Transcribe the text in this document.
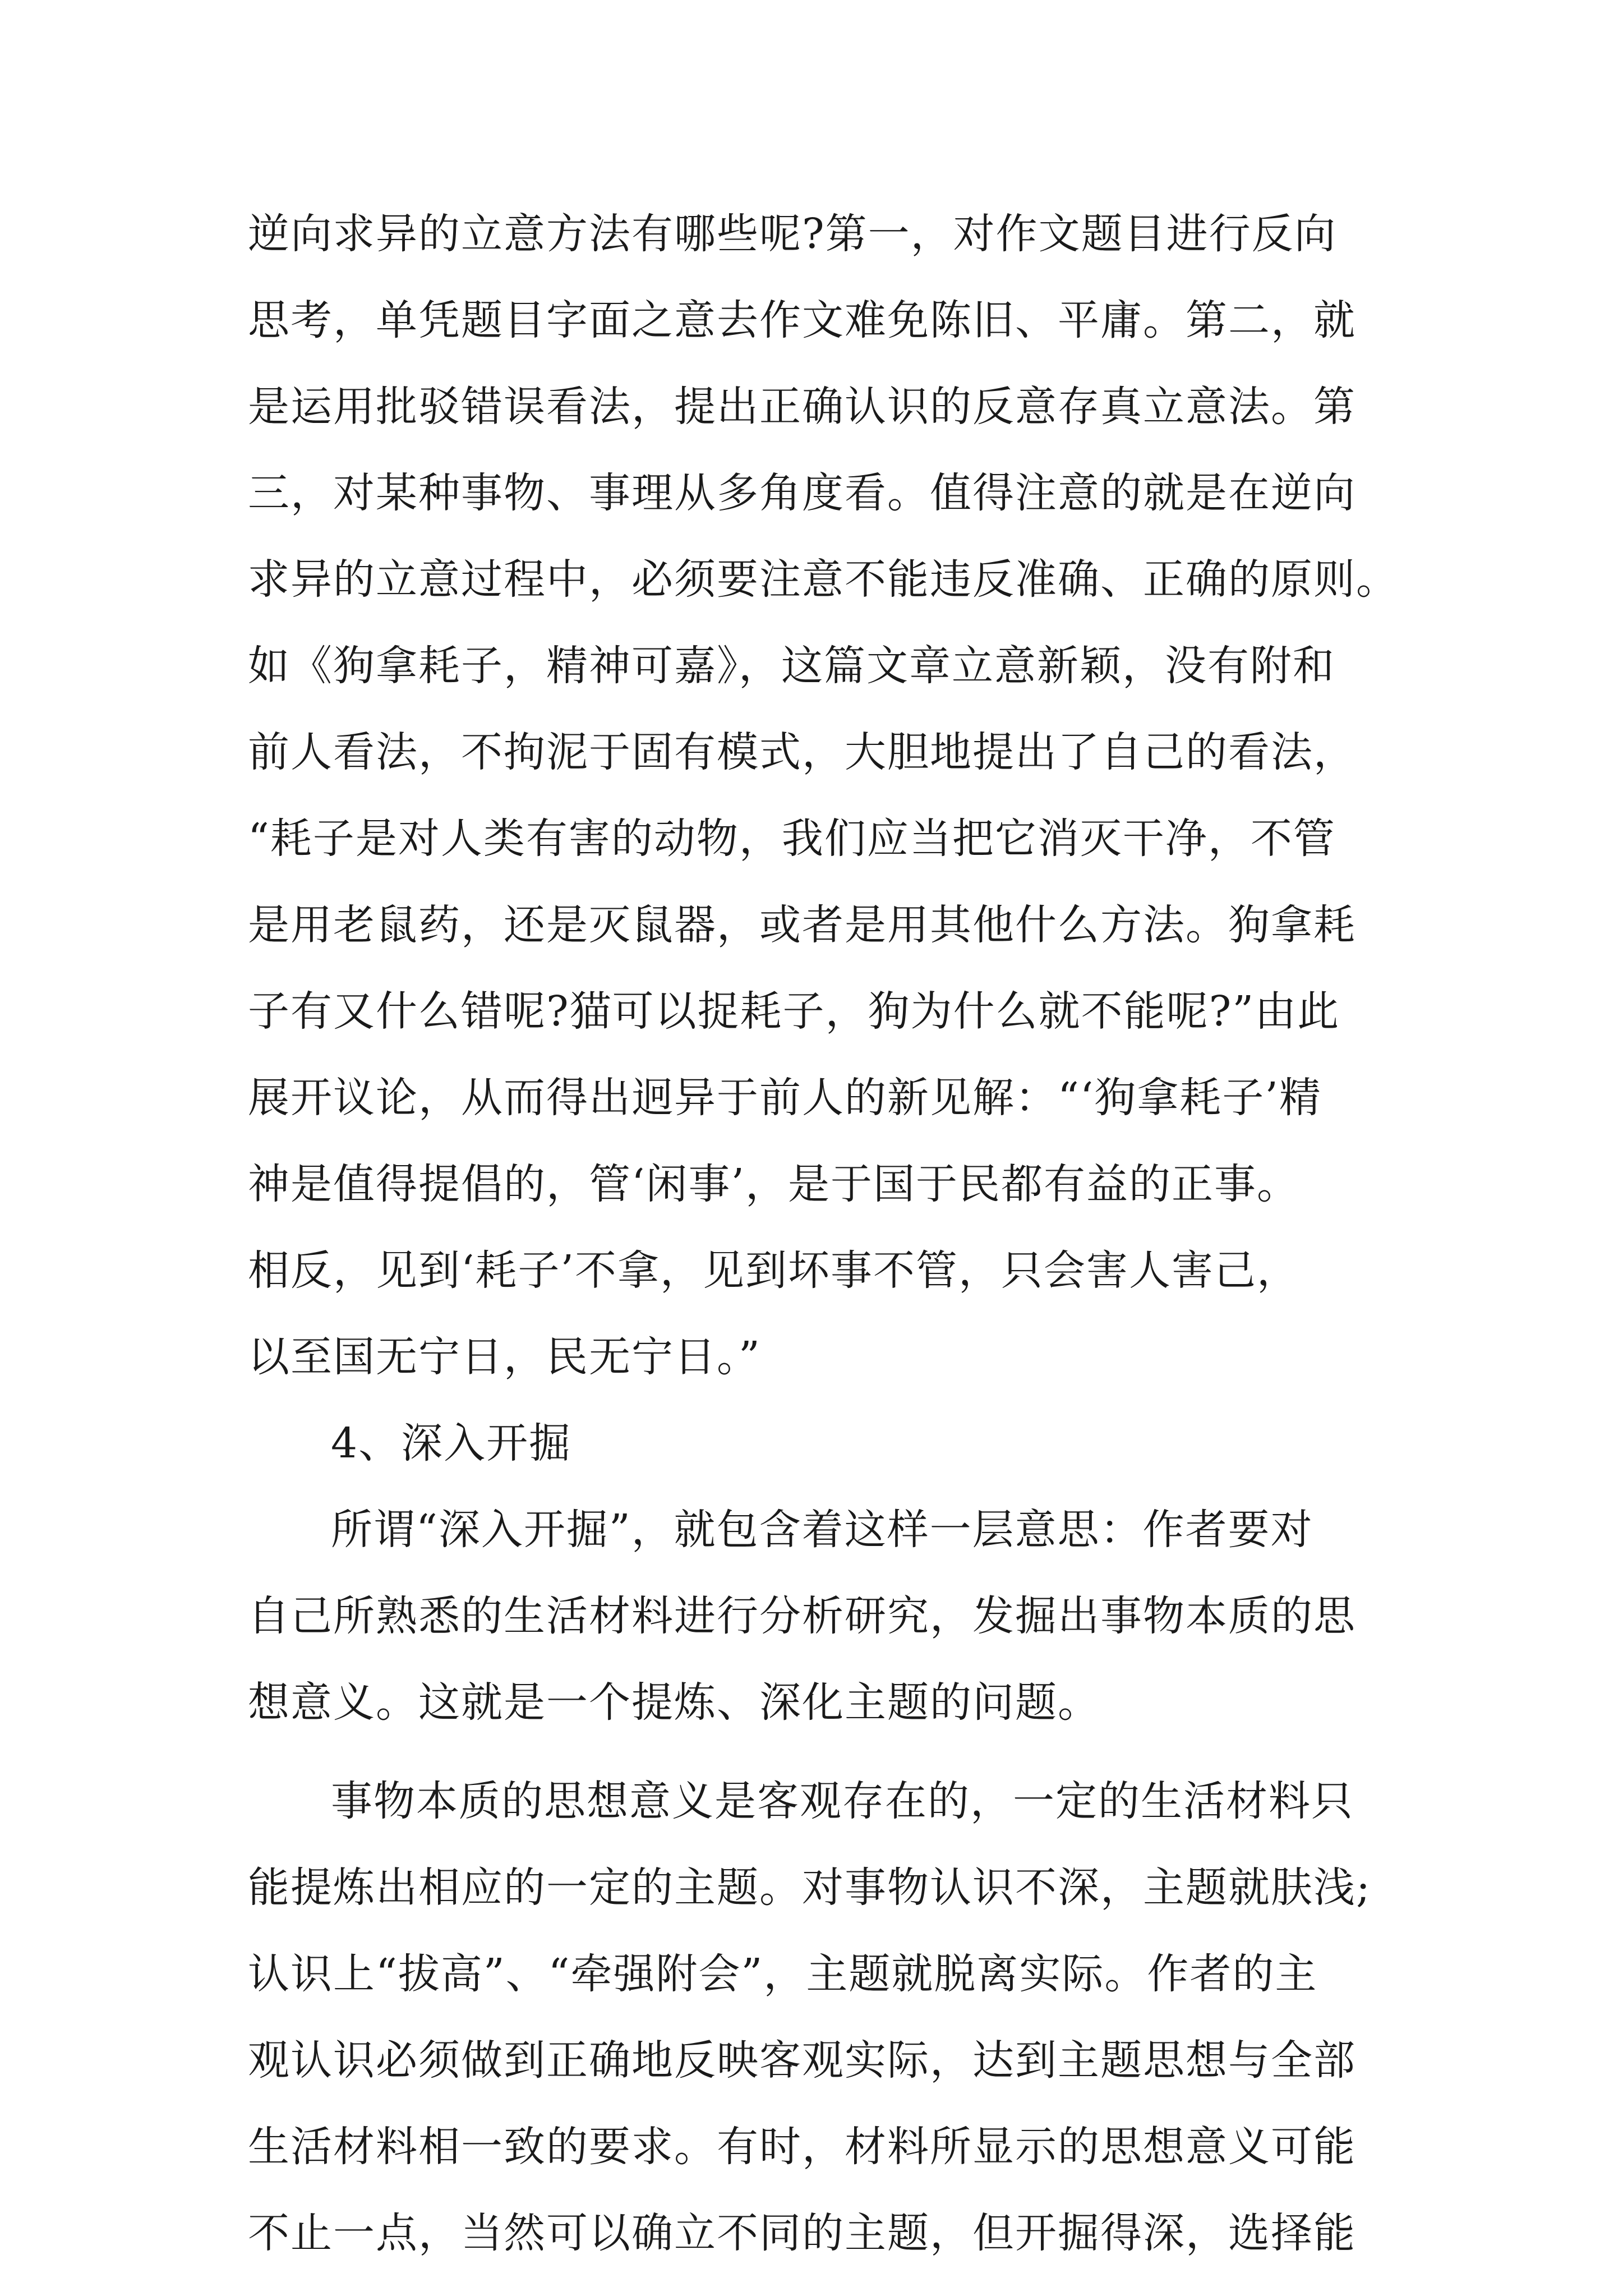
逆向求异的立意方法有哪些呢?第一，对作文题目进行反向
思考，单凭题目字面之意去作文难免陈旧、平庸。第二，就
是运用批驳错误看法，提出正确认识的反意存真立意法。第
三，对某种事物、事理从多角度看。值得注意的就是在逆向
求异的立意过程中，必须要注意不能违反准确、正确的原则。
如《狗拿耗子，精神可嘉》，这篇文章立意新颖，没有附和
前人看法，不拘泥于固有模式，大胆地提出了自己的看法，
“耗子是对人类有害的动物，我们应当把它消灭干净，不管
是用老鼠药，还是灭鼠器，或者是用其他什么方法。狗拿耗
子有又什么错呢?猫可以捉耗子，狗为什么就不能呢?”由此
展开议论，从而得出迥异于前人的新见解：“‘狗拿耗子’精
神是值得提倡的，管‘闲事’，是于国于民都有益的正事。
相反，见到‘耗子’不拿，见到坏事不管，只会害人害己，
以至国无宁日，民无宁日。”
4、深入开掘
所谓“深入开掘”，就包含着这样一层意思：作者要对
自己所熟悉的生活材料进行分析研究，发掘出事物本质的思
想意义。这就是一个提炼、深化主题的问题。
事物本质的思想意义是客观存在的，一定的生活材料只
能提炼出相应的一定的主题。对事物认识不深，主题就肤浅;
认识上“拔高”、“牵强附会”，主题就脱离实际。作者的主
观认识必须做到正确地反映客观实际，达到主题思想与全部
生活材料相一致的要求。有时，材料所显示的思想意义可能
不止一点，当然可以确立不同的主题，但开掘得深，选择能
